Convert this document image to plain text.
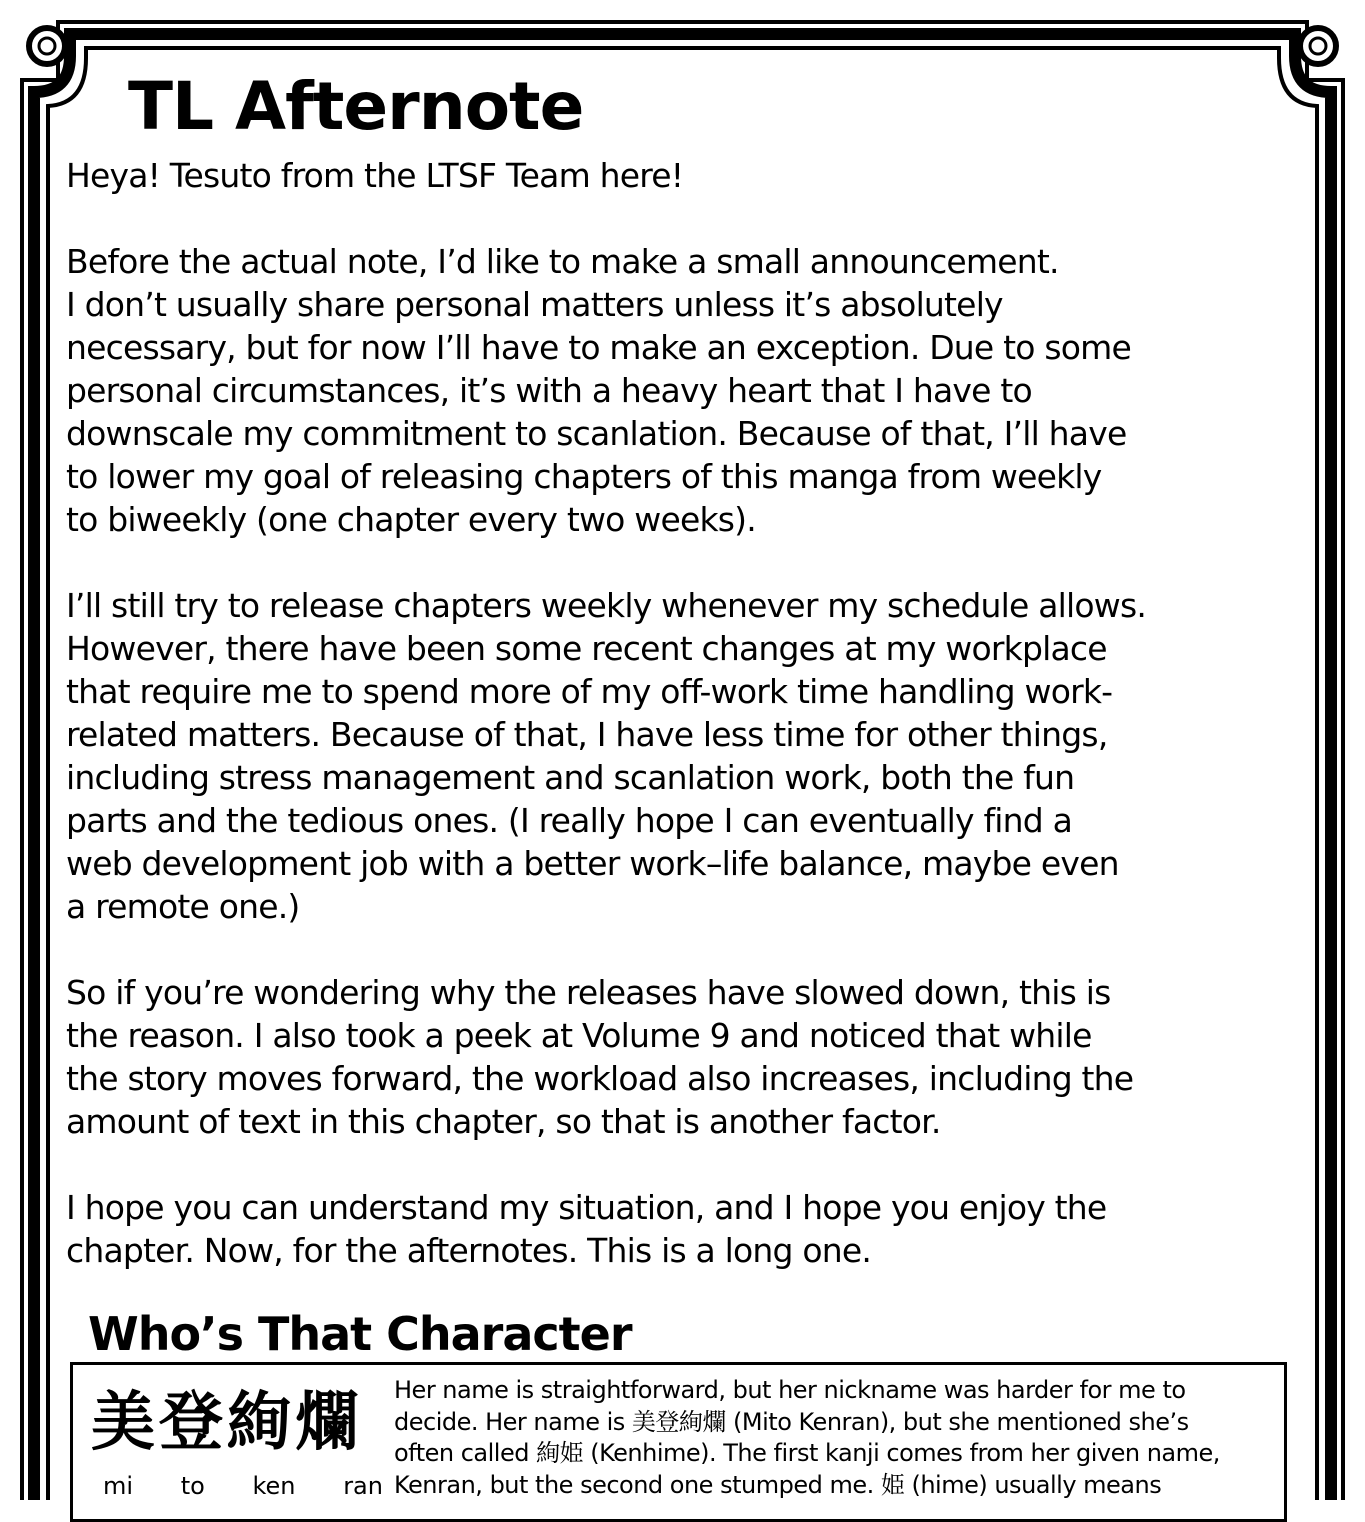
TL Afternote

Heya! Tesuto from the LTSF Team here!

Before the actual note, I’d like to make a small announcement.
I don’t usually share personal matters unless it’s absolutely
necessary, but for now I’ll have to make an exception. Due to some
personal circumstances, it’s with a heavy heart that I have to
downscale my commitment to scanlation. Because of that, I’ll have
to lower my goal of releasing chapters of this manga from weekly
to biweekly (one chapter every two weeks).

I’ll still try to release chapters weekly whenever my schedule allows.
However, there have been some recent changes at my workplace
that require me to spend more of my off-work time handling work-
related matters. Because of that, I have less time for other things,
including stress management and scanlation work, both the fun
parts and the tedious ones. (I really hope I can eventually find a
web development job with a better work–life balance, maybe even
a remote one.)

So if you’re wondering why the releases have slowed down, this is
the reason. I also took a peek at Volume 9 and noticed that while
the story moves forward, the workload also increases, including the
amount of text in this chapter, so that is another factor.

I hope you can understand my situation, and I hope you enjoy the
chapter. Now, for the afternotes. This is a long one.

Who’s That Character
美登絢爛
mi to ken ran

Her name is straightforward, but her nickname was harder for me to
decide. Her name is 美登絢爛 (Mito Kenran), but she mentioned she’s
often called 絢姫 (Kenhime). The first kanji comes from her given name,
Kenran, but the second one stumped me. 姫 (hime) usually means
